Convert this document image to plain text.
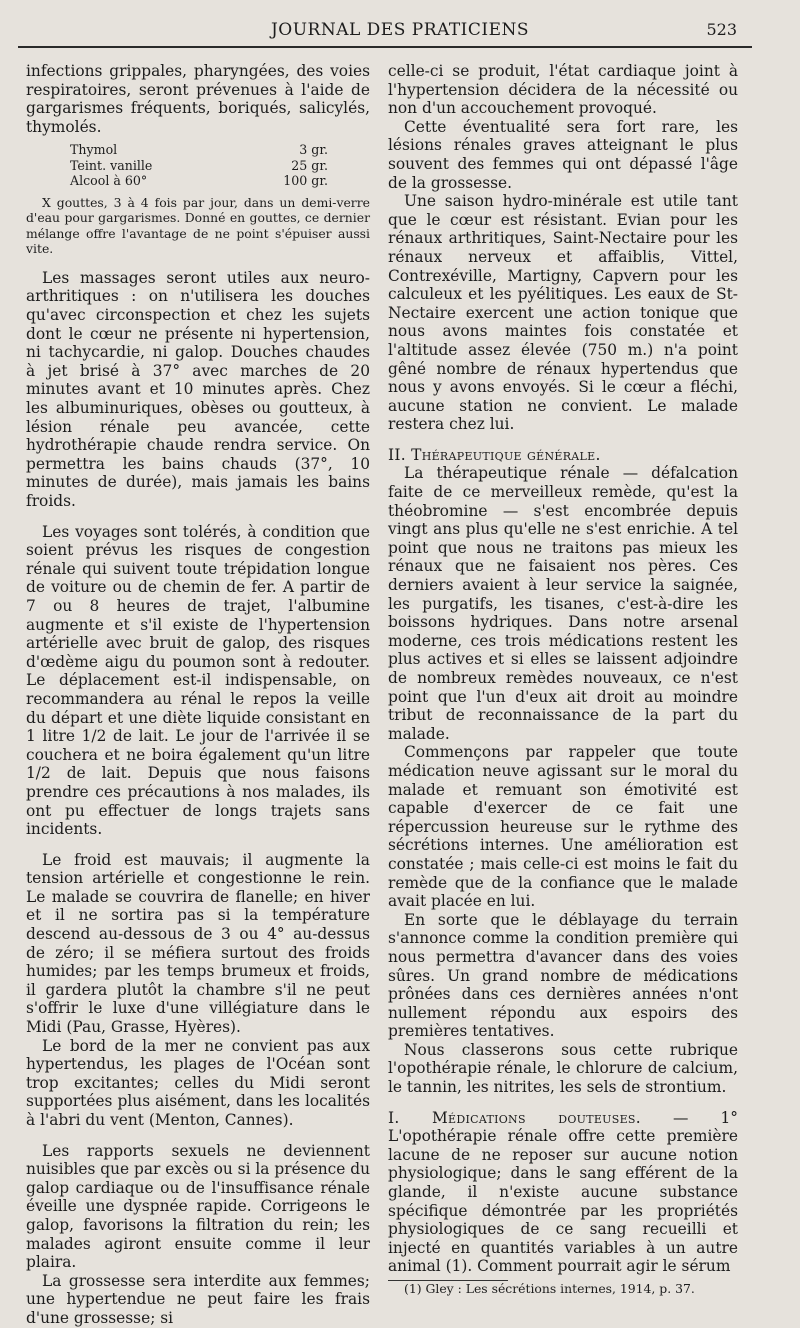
JOURNAL DES PRATICIENS	523

infections grippales, pharyngées, des voies respiratoires, seront prévenues à l'aide de gargarismes fréquents, boriqués, salicylés, thymolés.

Thymol	3 gr.
Teint. vanille	25 gr.
Alcool à 60°	100 gr.

X gouttes, 3 à 4 fois par jour, dans un demi-verre d'eau pour gargarismes. Donné en gouttes, ce dernier mélange offre l'avantage de ne point s'épuiser aussi vite.

Les massages seront utiles aux neuro-arthritiques : on n'utilisera les douches qu'avec circonspection et chez les sujets dont le cœur ne présente ni hypertension, ni tachycardie, ni galop. Douches chaudes à jet brisé à 37° avec marches de 20 minutes avant et 10 minutes après. Chez les albuminuriques, obèses ou goutteux, à lésion rénale peu avancée, cette hydrothérapie chaude rendra service. On permettra les bains chauds (37°, 10 minutes de durée), mais jamais les bains froids.

Les voyages sont tolérés, à condition que soient prévus les risques de congestion rénale qui suivent toute trépidation longue de voiture ou de chemin de fer. A partir de 7 ou 8 heures de trajet, l'albumine augmente et s'il existe de l'hypertension artérielle avec bruit de galop, des risques d'œdème aigu du poumon sont à redouter. Le déplacement est-il indispensable, on recommandera au rénal le repos la veille du départ et une diète liquide consistant en 1 litre 1/2 de lait. Le jour de l'arrivée il se couchera et ne boira également qu'un litre 1/2 de lait. Depuis que nous faisons prendre ces précautions à nos malades, ils ont pu effectuer de longs trajets sans incidents.

Le froid est mauvais; il augmente la tension artérielle et congestionne le rein. Le malade se couvrira de flanelle; en hiver et il ne sortira pas si la température descend au-dessous de 3 ou 4° au-dessus de zéro; il se méfiera surtout des froids humides; par les temps brumeux et froids, il gardera plutôt la chambre s'il ne peut s'offrir le luxe d'une villégiature dans le Midi (Pau, Grasse, Hyères).

Le bord de la mer ne convient pas aux hypertendus, les plages de l'Océan sont trop excitantes; celles du Midi seront supportées plus aisément, dans les localités à l'abri du vent (Menton, Cannes).

Les rapports sexuels ne deviennent nuisibles que par excès ou si la présence du galop cardiaque ou de l'insuffisance rénale éveille une dyspnée rapide. Corrigeons le galop, favorisons la filtration du rein; les malades agiront ensuite comme il leur plaira.

La grossesse sera interdite aux femmes; une hypertendue ne peut faire les frais d'une grossesse; si

celle-ci se produit, l'état cardiaque joint à l'hypertension décidera de la nécessité ou non d'un accouchement provoqué.

Cette éventualité sera fort rare, les lésions rénales graves atteignant le plus souvent des femmes qui ont dépassé l'âge de la grossesse.

Une saison hydro-minérale est utile tant que le cœur est résistant. Evian pour les rénaux arthritiques, Saint-Nectaire pour les rénaux nerveux et affaiblis, Vittel, Contrexéville, Martigny, Capvern pour les calculeux et les pyélitiques. Les eaux de St-Nectaire exercent une action tonique que nous avons maintes fois constatée et l'altitude assez élevée (750 m.) n'a point gêné nombre de rénaux hypertendus que nous y avons envoyés. Si le cœur a fléchi, aucune station ne convient. Le malade restera chez lui.

II. Thérapeutique générale.

La thérapeutique rénale — défalcation faite de ce merveilleux remède, qu'est la théobromine — s'est encombrée depuis vingt ans plus qu'elle ne s'est enrichie. A tel point que nous ne traitons pas mieux les rénaux que ne faisaient nos pères. Ces derniers avaient à leur service la saignée, les purgatifs, les tisanes, c'est-à-dire les boissons hydriques. Dans notre arsenal moderne, ces trois médications restent les plus actives et si elles se laissent adjoindre de nombreux remèdes nouveaux, ce n'est point que l'un d'eux ait droit au moindre tribut de reconnaissance de la part du malade.

Commençons par rappeler que toute médication neuve agissant sur le moral du malade et remuant son émotivité est capable d'exercer de ce fait une répercussion heureuse sur le rythme des sécrétions internes. Une amélioration est constatée ; mais celle-ci est moins le fait du remède que de la confiance que le malade avait placée en lui.

En sorte que le déblayage du terrain s'annonce comme la condition première qui nous permettra d'avancer dans des voies sûres. Un grand nombre de médications prônées dans ces dernières années n'ont nullement répondu aux espoirs des premières tentatives.

Nous classerons sous cette rubrique l'opothérapie rénale, le chlorure de calcium, le tannin, les nitrites, les sels de strontium.

I. Médications douteuses. — 1° L'opothérapie rénale offre cette première lacune de ne reposer sur aucune notion physiologique; dans le sang efférent de la glande, il n'existe aucune substance spécifique démontrée par les propriétés physiologiques de ce sang recueilli et injecté en quantités variables à un autre animal (1). Comment pourrait agir le sérum

(1) Gley : Les sécrétions internes, 1914, p. 37.
